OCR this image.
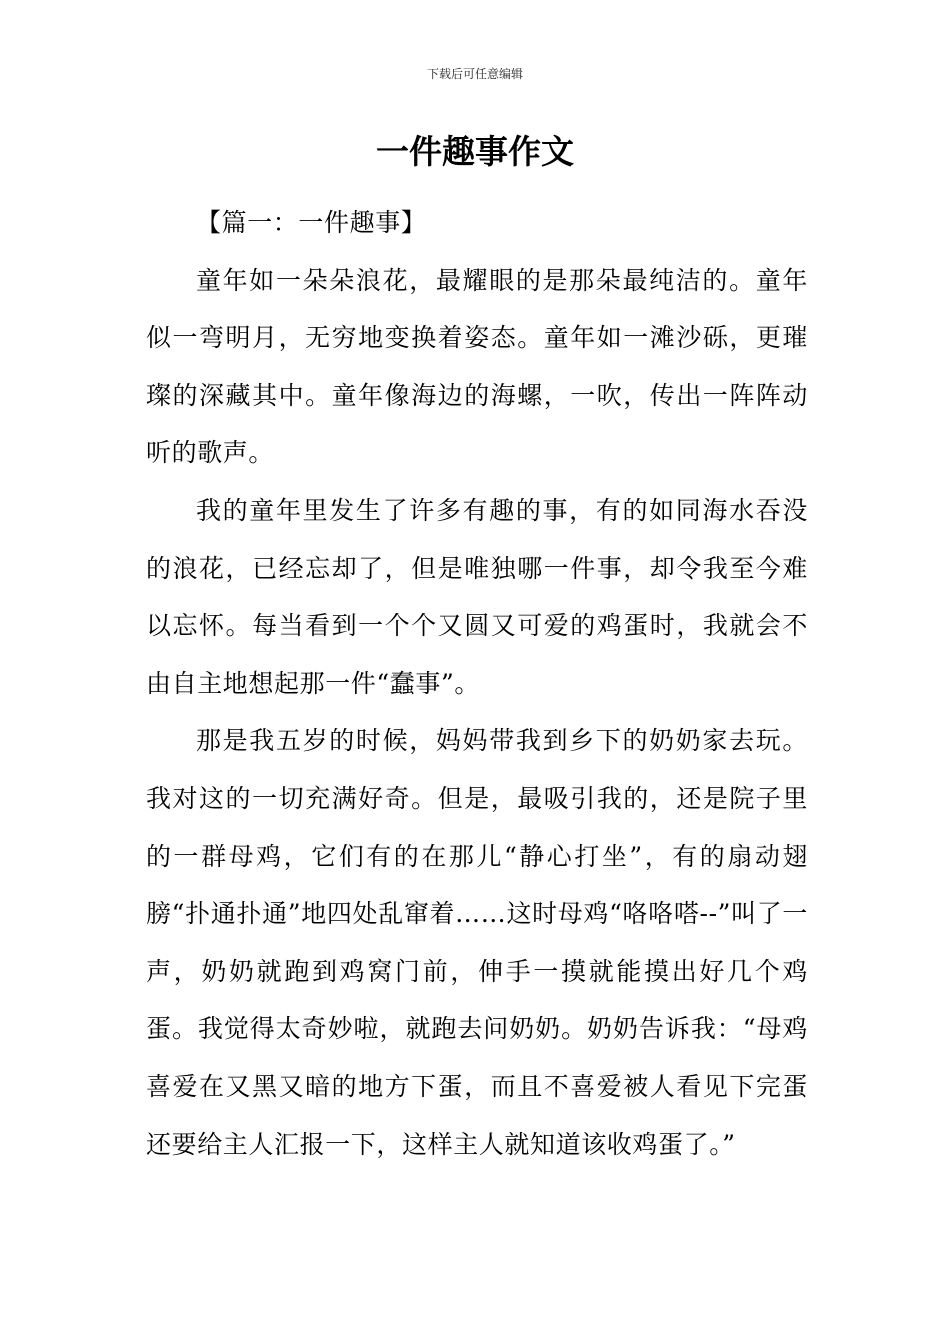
下载后可任意编辑
一件趣事作文

【篇一：一件趣事】

童年如一朵朵浪花，最耀眼的是那朵最纯洁的。童年似一弯明月，无穷地变换着姿态。童年如一滩沙砾，更璀璨的深藏其中。童年像海边的海螺，一吹，传出一阵阵动听的歌声。

我的童年里发生了许多有趣的事，有的如同海水吞没的浪花，已经忘却了，但是唯独哪一件事，却令我至今难以忘怀。每当看到一个个又圆又可爱的鸡蛋时，我就会不由自主地想起那一件“蠢事”。

那是我五岁的时候，妈妈带我到乡下的奶奶家去玩。我对这的一切充满好奇。但是，最吸引我的，还是院子里的一群母鸡，它们有的在那儿“静心打坐”，有的扇动翅膀“扑通扑通”地四处乱窜着……这时母鸡“咯咯嗒--”叫了一声，奶奶就跑到鸡窝门前，伸手一摸就能摸出好几个鸡蛋。我觉得太奇妙啦，就跑去问奶奶。奶奶告诉我：“母鸡喜爱在又黑又暗的地方下蛋，而且不喜爱被人看见下完蛋还要给主人汇报一下，这样主人就知道该收鸡蛋了。”
